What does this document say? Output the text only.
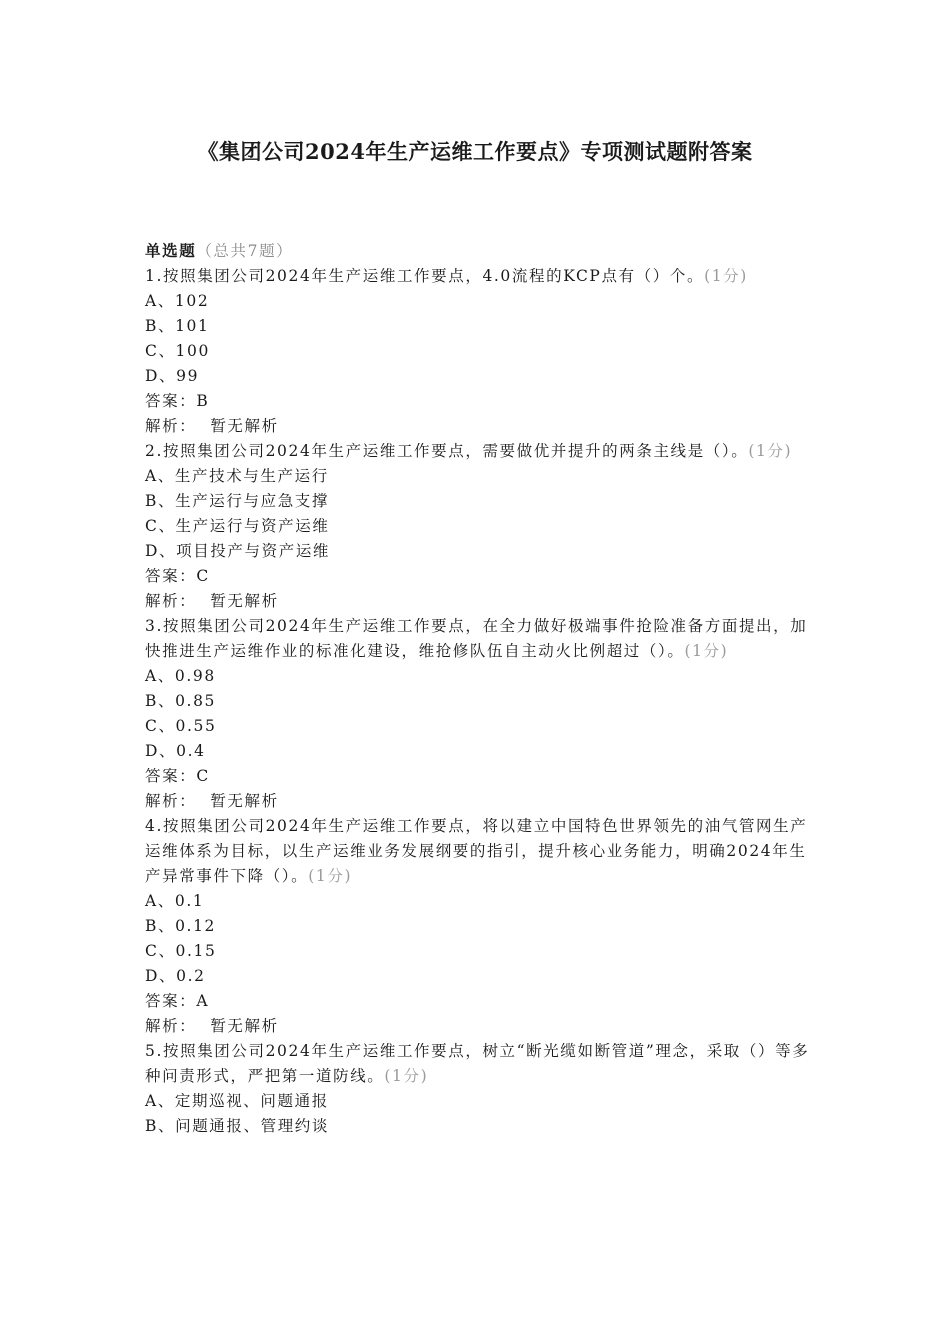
《集团公司2024年生产运维工作要点》专项测试题附答案
单选题（总共7题）
1.按照集团公司2024年生产运维工作要点，4.0流程的KCP点有（）个。(1分)
A、102
B、101
C、100
D、99
答案：B
解析： 暂无解析
2.按照集团公司2024年生产运维工作要点，需要做优并提升的两条主线是（）。(1分)
A、生产技术与生产运行
B、生产运行与应急支撑
C、生产运行与资产运维
D、项目投产与资产运维
答案：C
解析： 暂无解析
3.按照集团公司2024年生产运维工作要点，在全力做好极端事件抢险准备方面提出，加快推进生产运维作业的标准化建设，维抢修队伍自主动火比例超过（）。(1分)
A、0.98
B、0.85
C、0.55
D、0.4
答案：C
解析： 暂无解析
4.按照集团公司2024年生产运维工作要点，将以建立中国特色世界领先的油气管网生产运维体系为目标，以生产运维业务发展纲要的指引，提升核心业务能力，明确2024年生产异常事件下降（）。(1分)
A、0.1
B、0.12
C、0.15
D、0.2
答案：A
解析： 暂无解析
5.按照集团公司2024年生产运维工作要点，树立“断光缆如断管道”理念，采取（）等多种问责形式，严把第一道防线。(1分)
A、定期巡视、问题通报
B、问题通报、管理约谈
